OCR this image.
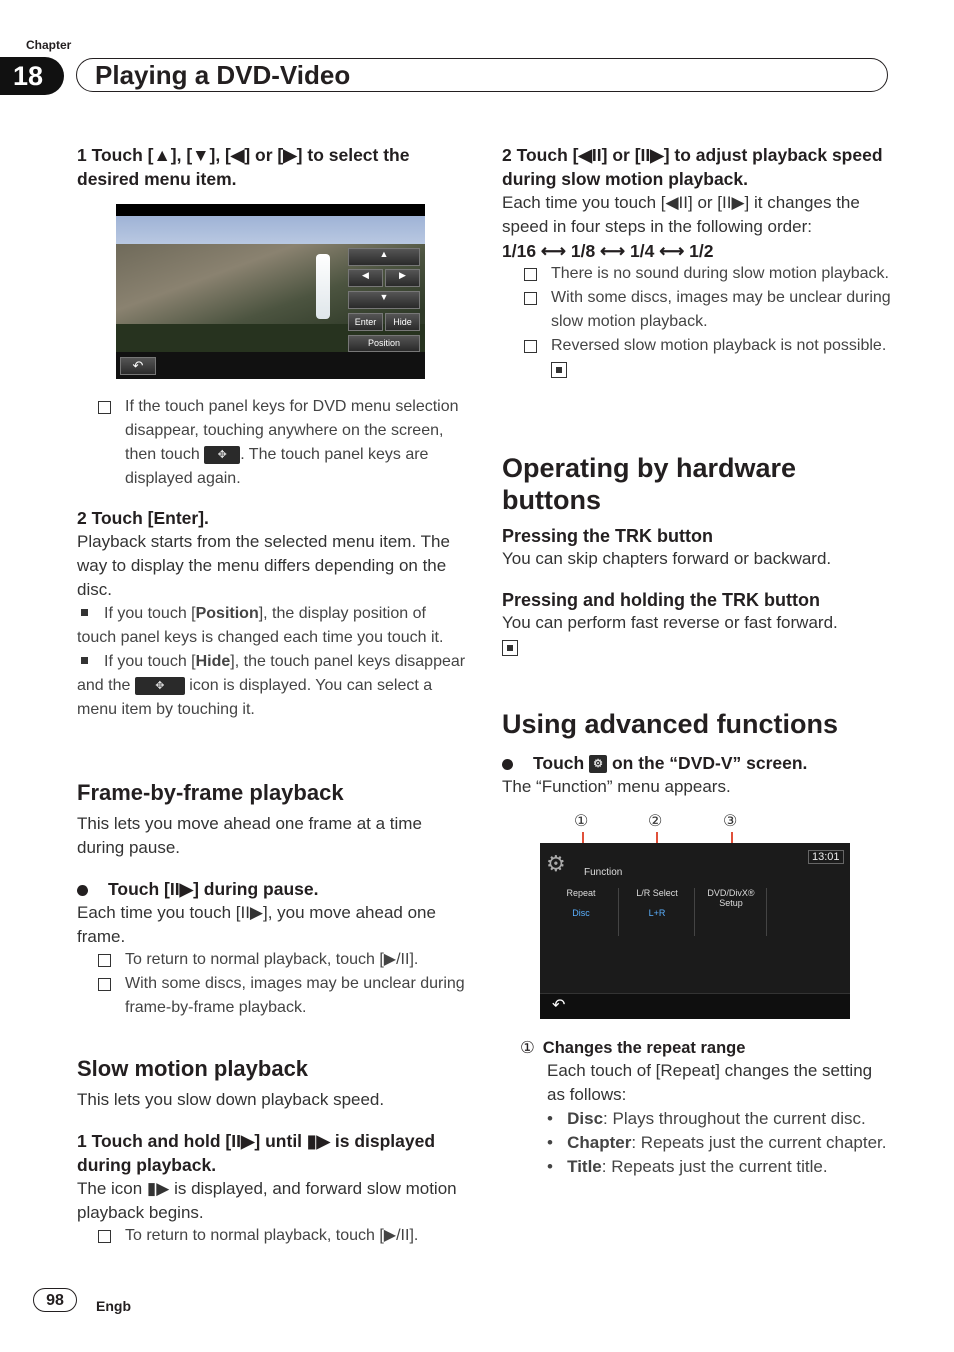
Chapter
18	Playing a DVD-Video

1 Touch [▲], [▼], [◀] or [▶] to select the desired menu item.

▲
◀	▶
▼
Enter	Hide
Position
↶
If the touch panel keys for DVD menu selection disappear, touching anywhere on the screen, then touch ✥ . The touch panel keys are displayed again.

2 Touch [Enter].

Playback starts from the selected menu item. The way to display the menu differs depending on the disc.

If you touch [Position], the display position of touch panel keys is changed each time you touch it.
If you touch [Hide], the touch panel keys disappear and the ✥ icon is displayed. You can select a menu item by touching it.

Frame-by-frame playback

This lets you move ahead one frame at a time during pause.

Touch [II▶] during pause.

Each time you touch [II▶], you move ahead one frame.

To return to normal playback, touch [▶/II].
With some discs, images may be unclear during frame-by-frame playback.

Slow motion playback

This lets you slow down playback speed.

1 Touch and hold [II▶] until ▮▶ is displayed during playback.

The icon ▮▶ is displayed, and forward slow motion playback begins.

To return to normal playback, touch [▶/II].

2 Touch [◀II] or [II▶] to adjust playback speed during slow motion playback.

Each time you touch [◀II] or [II▶] it changes the speed in four steps in the following order:

1/16 ⟷ 1/8 ⟷ 1/4 ⟷ 1/2

There is no sound during slow motion playback.
With some discs, images may be unclear during slow motion playback.
Reversed slow motion playback is not possible.

Operating by hardware buttons

Pressing the TRK button

You can skip chapters forward or backward.

Pressing and holding the TRK button

You can perform fast reverse or fast forward.

Using advanced functions

Touch ⚙ on the “DVD-V” screen.

The “Function” menu appears.

①	②	③
⚙ Function
13:01
Repeat
Disc
L/R Select
L+R
DVD/DivX® Setup
↶

① Changes the repeat range

Each touch of [Repeat] changes the setting as follows:

•   Disc: Plays throughout the current disc.
•   Chapter: Repeats just the current chapter.
•   Title: Repeats just the current title.
98	Engb
